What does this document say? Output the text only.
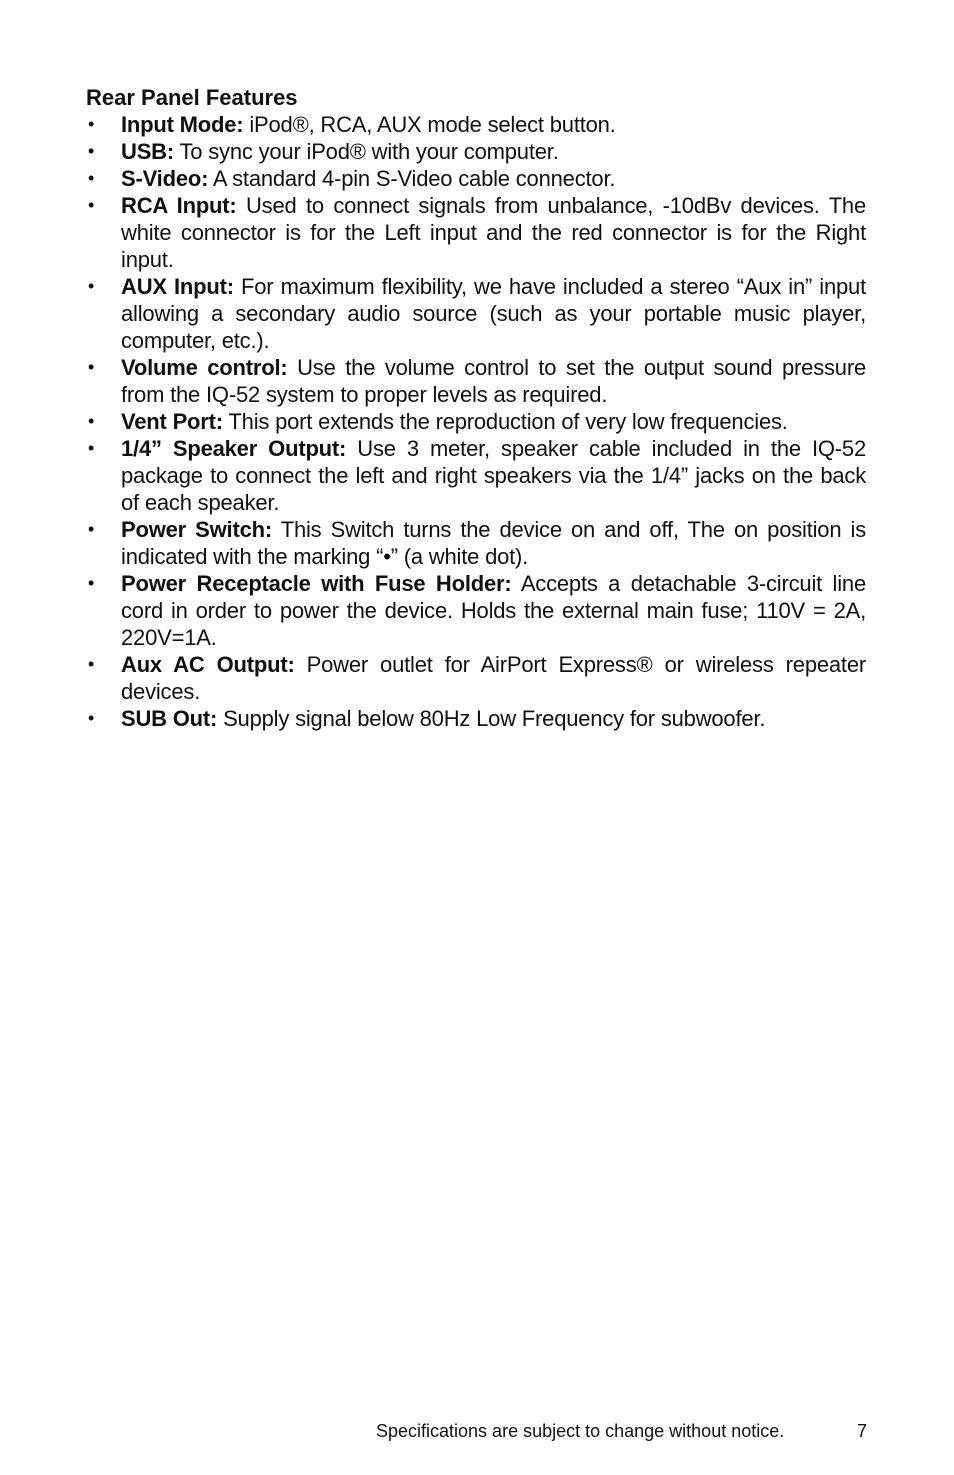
Rear Panel Features
• Input Mode: iPod®, RCA, AUX mode select button.
• USB: To sync your iPod® with your computer.
• S-Video: A standard 4-pin S-Video cable connector.
• RCA Input: Used to connect signals from unbalance, -10dBv devices. The white connector is for the Left input and the red connector is for the Right input.
• AUX Input: For maximum flexibility, we have included a stereo “Aux in” input allowing a secondary audio source (such as your portable music player, computer, etc.).
• Volume control: Use the volume control to set the output sound pressure from the IQ-52 system to proper levels as required.
• Vent Port: This port extends the reproduction of very low frequencies.
• 1/4” Speaker Output: Use 3 meter, speaker cable included in the IQ-52 package to connect the left and right speakers via the 1/4” jacks on the back of each speaker.
• Power Switch: This Switch turns the device on and off, The on position is indicated with the marking “•” (a white dot).
• Power Receptacle with Fuse Holder: Accepts a detachable 3-circuit line cord in order to power the device. Holds the external main fuse; 110V = 2A, 220V=1A.
• Aux AC Output: Power outlet for AirPort Express® or wireless repeater devices.
• SUB Out: Supply signal below 80Hz Low Frequency for subwoofer.
Specifications are subject to change without notice.	7
